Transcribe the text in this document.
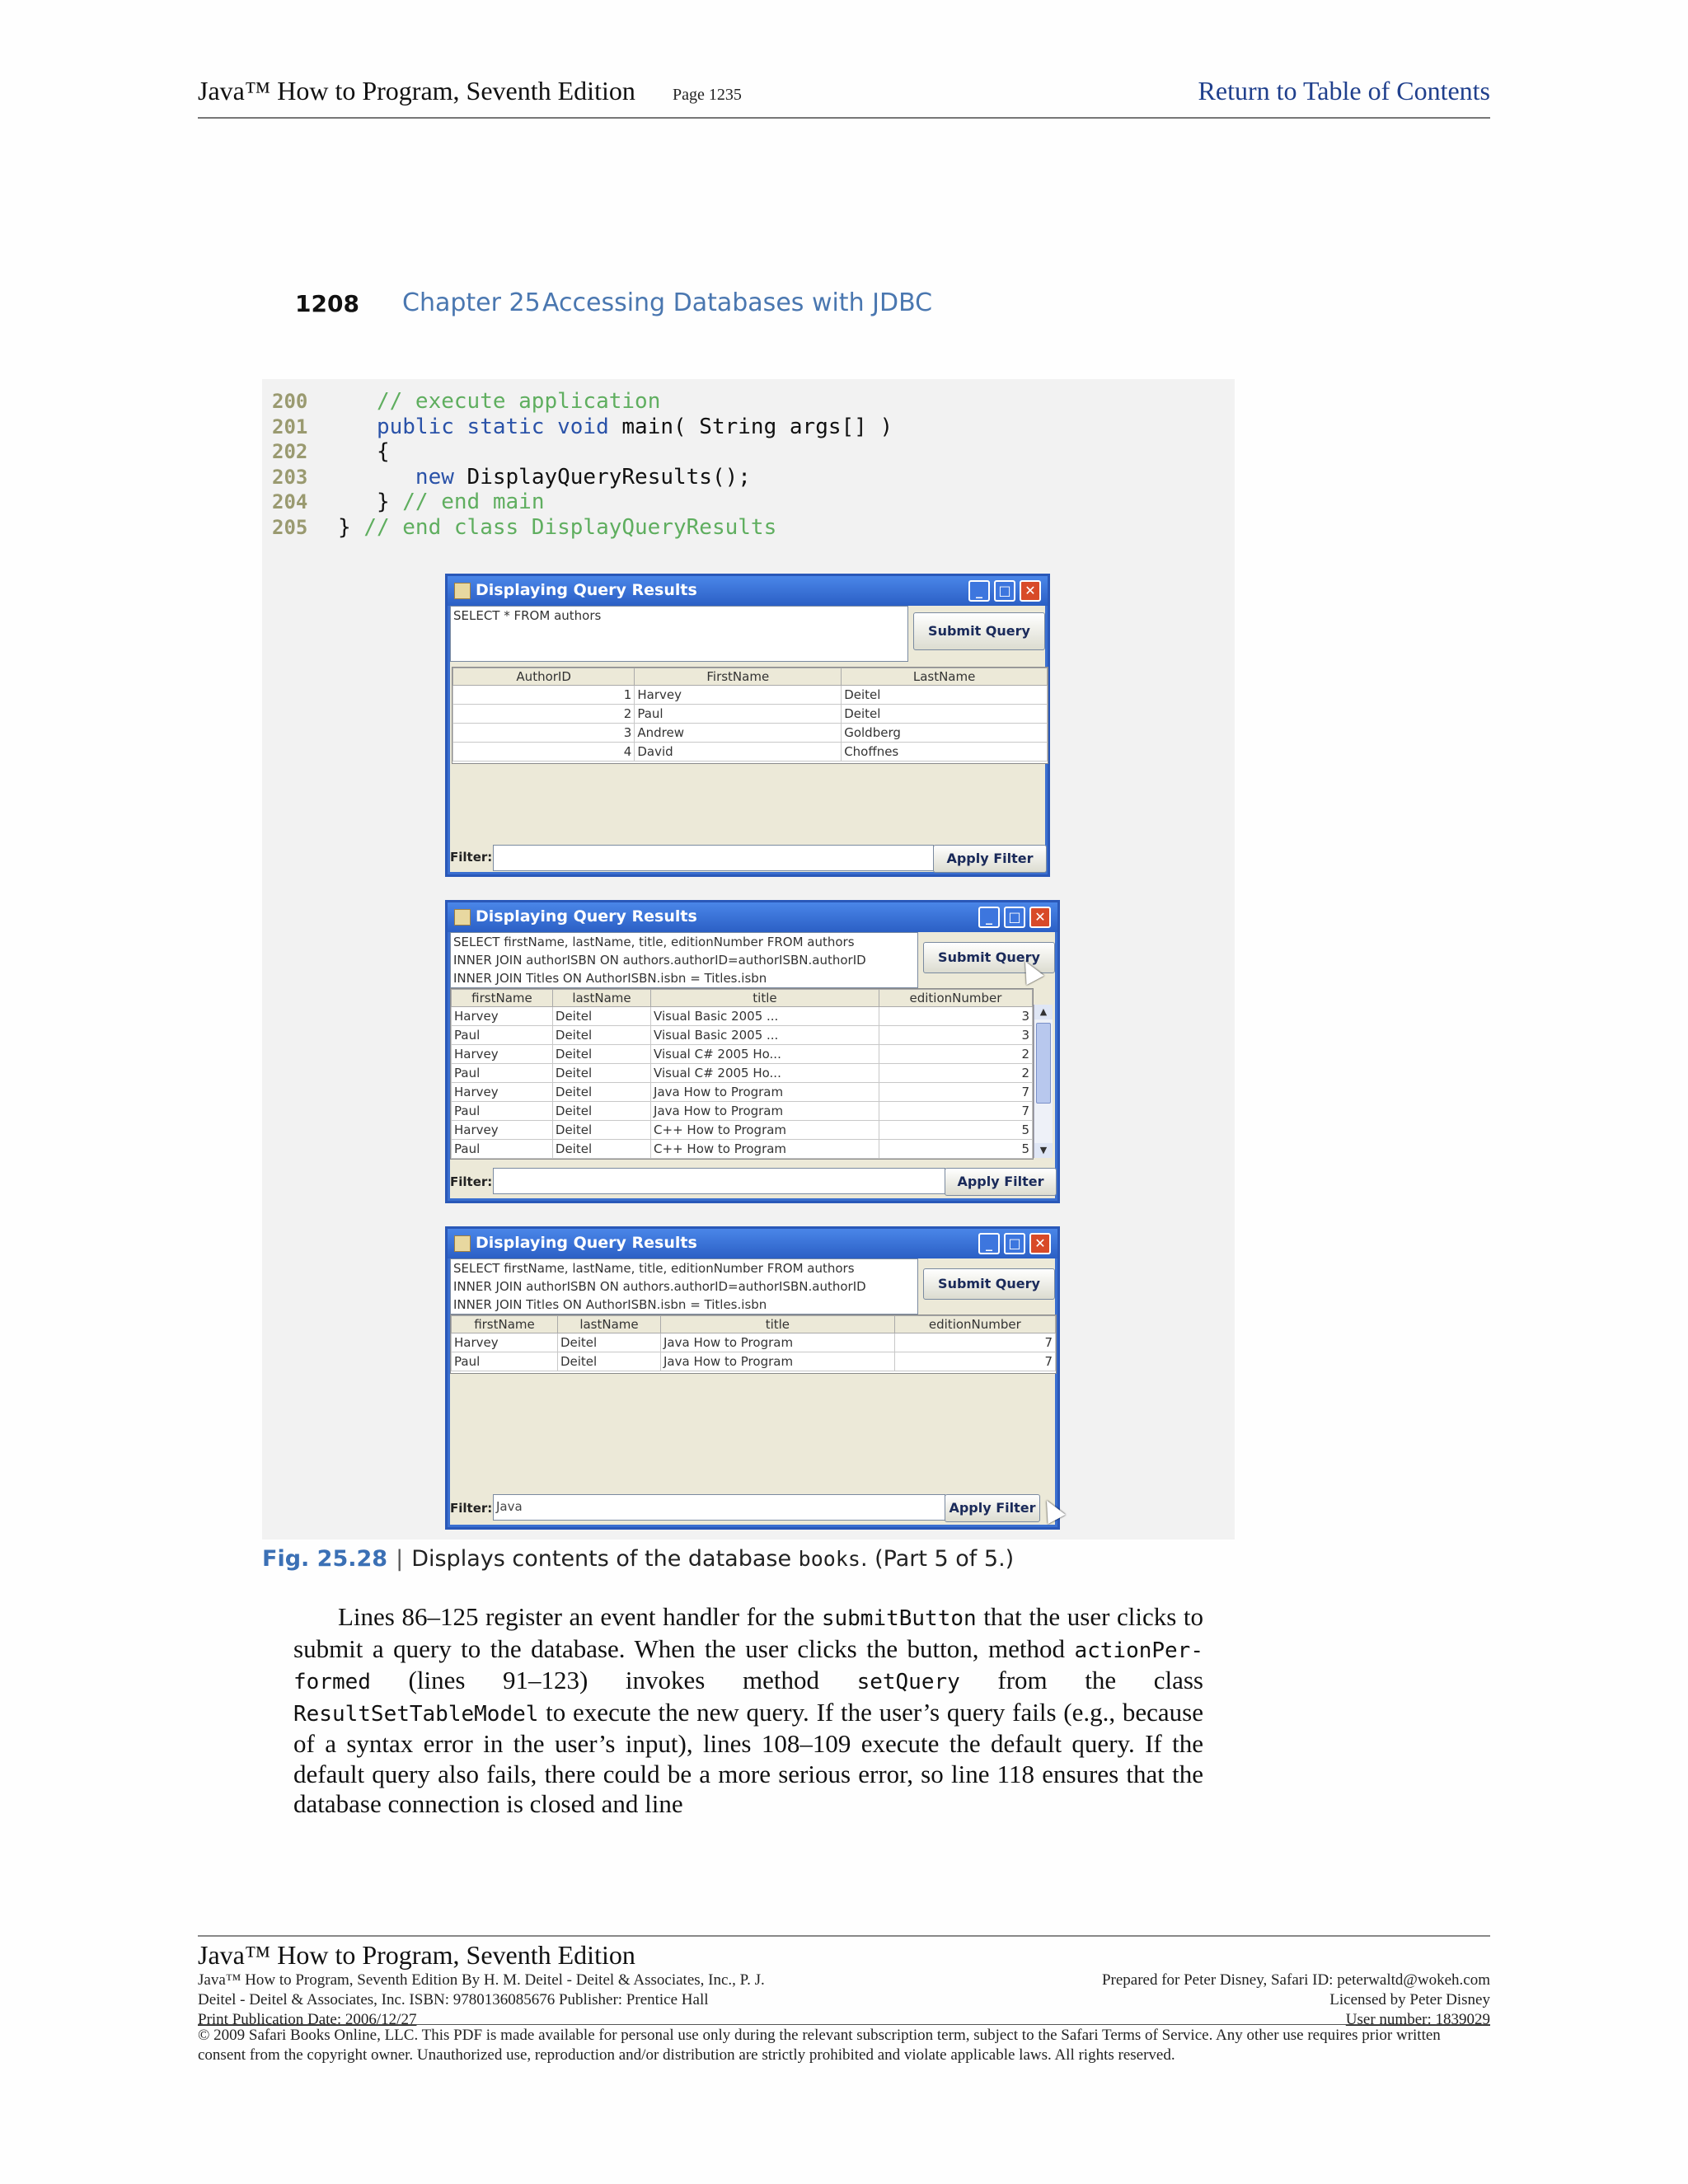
Java™ How to Program, Seventh Edition Page 1235	Return to Table of Contents
1208 Chapter 25 Accessing Databases with JDBC
200	// execute application
201	public static void main( String args[] )
202	{
203	new DisplayQueryResults();
204	} // end main
205 } // end class DisplayQueryResults
Displaying Query Results	_	□	✕
SELECT * FROM authors
Submit Query
AuthorID	FirstName	LastName
1	Harvey	Deitel
2	Paul	Deitel
3	Andrew	Goldberg
4	David	Choffnes
Filter:	Apply Filter
Displaying Query Results	_	□	✕
SELECT firstName, lastName, title, editionNumber FROM authors
INNER JOIN authorISBN ON authors.authorID=authorISBN.authorID
INNER JOIN Titles ON AuthorISBN.isbn = Titles.isbn
Submit Query
firstName	lastName	title	editionNumber
Harvey	Deitel	Visual Basic 2005 ...	3
Paul	Deitel	Visual Basic 2005 ...	3
Harvey	Deitel	Visual C# 2005 Ho...	2
Paul	Deitel	Visual C# 2005 Ho...	2
Harvey	Deitel	Java How to Program	7
Paul	Deitel	Java How to Program	7
Harvey	Deitel	C++ How to Program	5
Paul	Deitel	C++ How to Program	5
▲
▼
Filter:	Apply Filter
Displaying Query Results	_	□	✕
SELECT firstName, lastName, title, editionNumber FROM authors
INNER JOIN authorISBN ON authors.authorID=authorISBN.authorID
INNER JOIN Titles ON AuthorISBN.isbn = Titles.isbn
Submit Query
firstName	lastName	title	editionNumber
Harvey	Deitel	Java How to Program	7
Paul	Deitel	Java How to Program	7
Filter: Java	Apply Filter
Fig. 25.28 | Displays contents of the database books. (Part 5 of 5.)

Lines 86–125 register an event handler for the submitButton that the user clicks to submit a query to the database. When the user clicks the button, method actionPer-formed (lines 91–123) invokes method setQuery from the class ResultSetTableModel to execute the new query. If the user’s query fails (e.g., because of a syntax error in the user’s input), lines 108–109 execute the default query. If the default query also fails, there could be a more serious error, so line 118 ensures that the database connection is closed and line

Java™ How to Program, Seventh Edition
Java™ How to Program, Seventh Edition By H. M. Deitel - Deitel & Associates, Inc., P. J.
Deitel - Deitel & Associates, Inc. ISBN: 9780136085676 Publisher: Prentice Hall
Print Publication Date: 2006/12/27
Prepared for Peter Disney, Safari ID: peterwaltd@wokeh.com
Licensed by Peter Disney
User number: 1839029
© 2009 Safari Books Online, LLC. This PDF is made available for personal use only during the relevant subscription term, subject to the Safari Terms of Service. Any other use requires prior written consent from the copyright owner. Unauthorized use, reproduction and/or distribution are strictly prohibited and violate applicable laws. All rights reserved.
